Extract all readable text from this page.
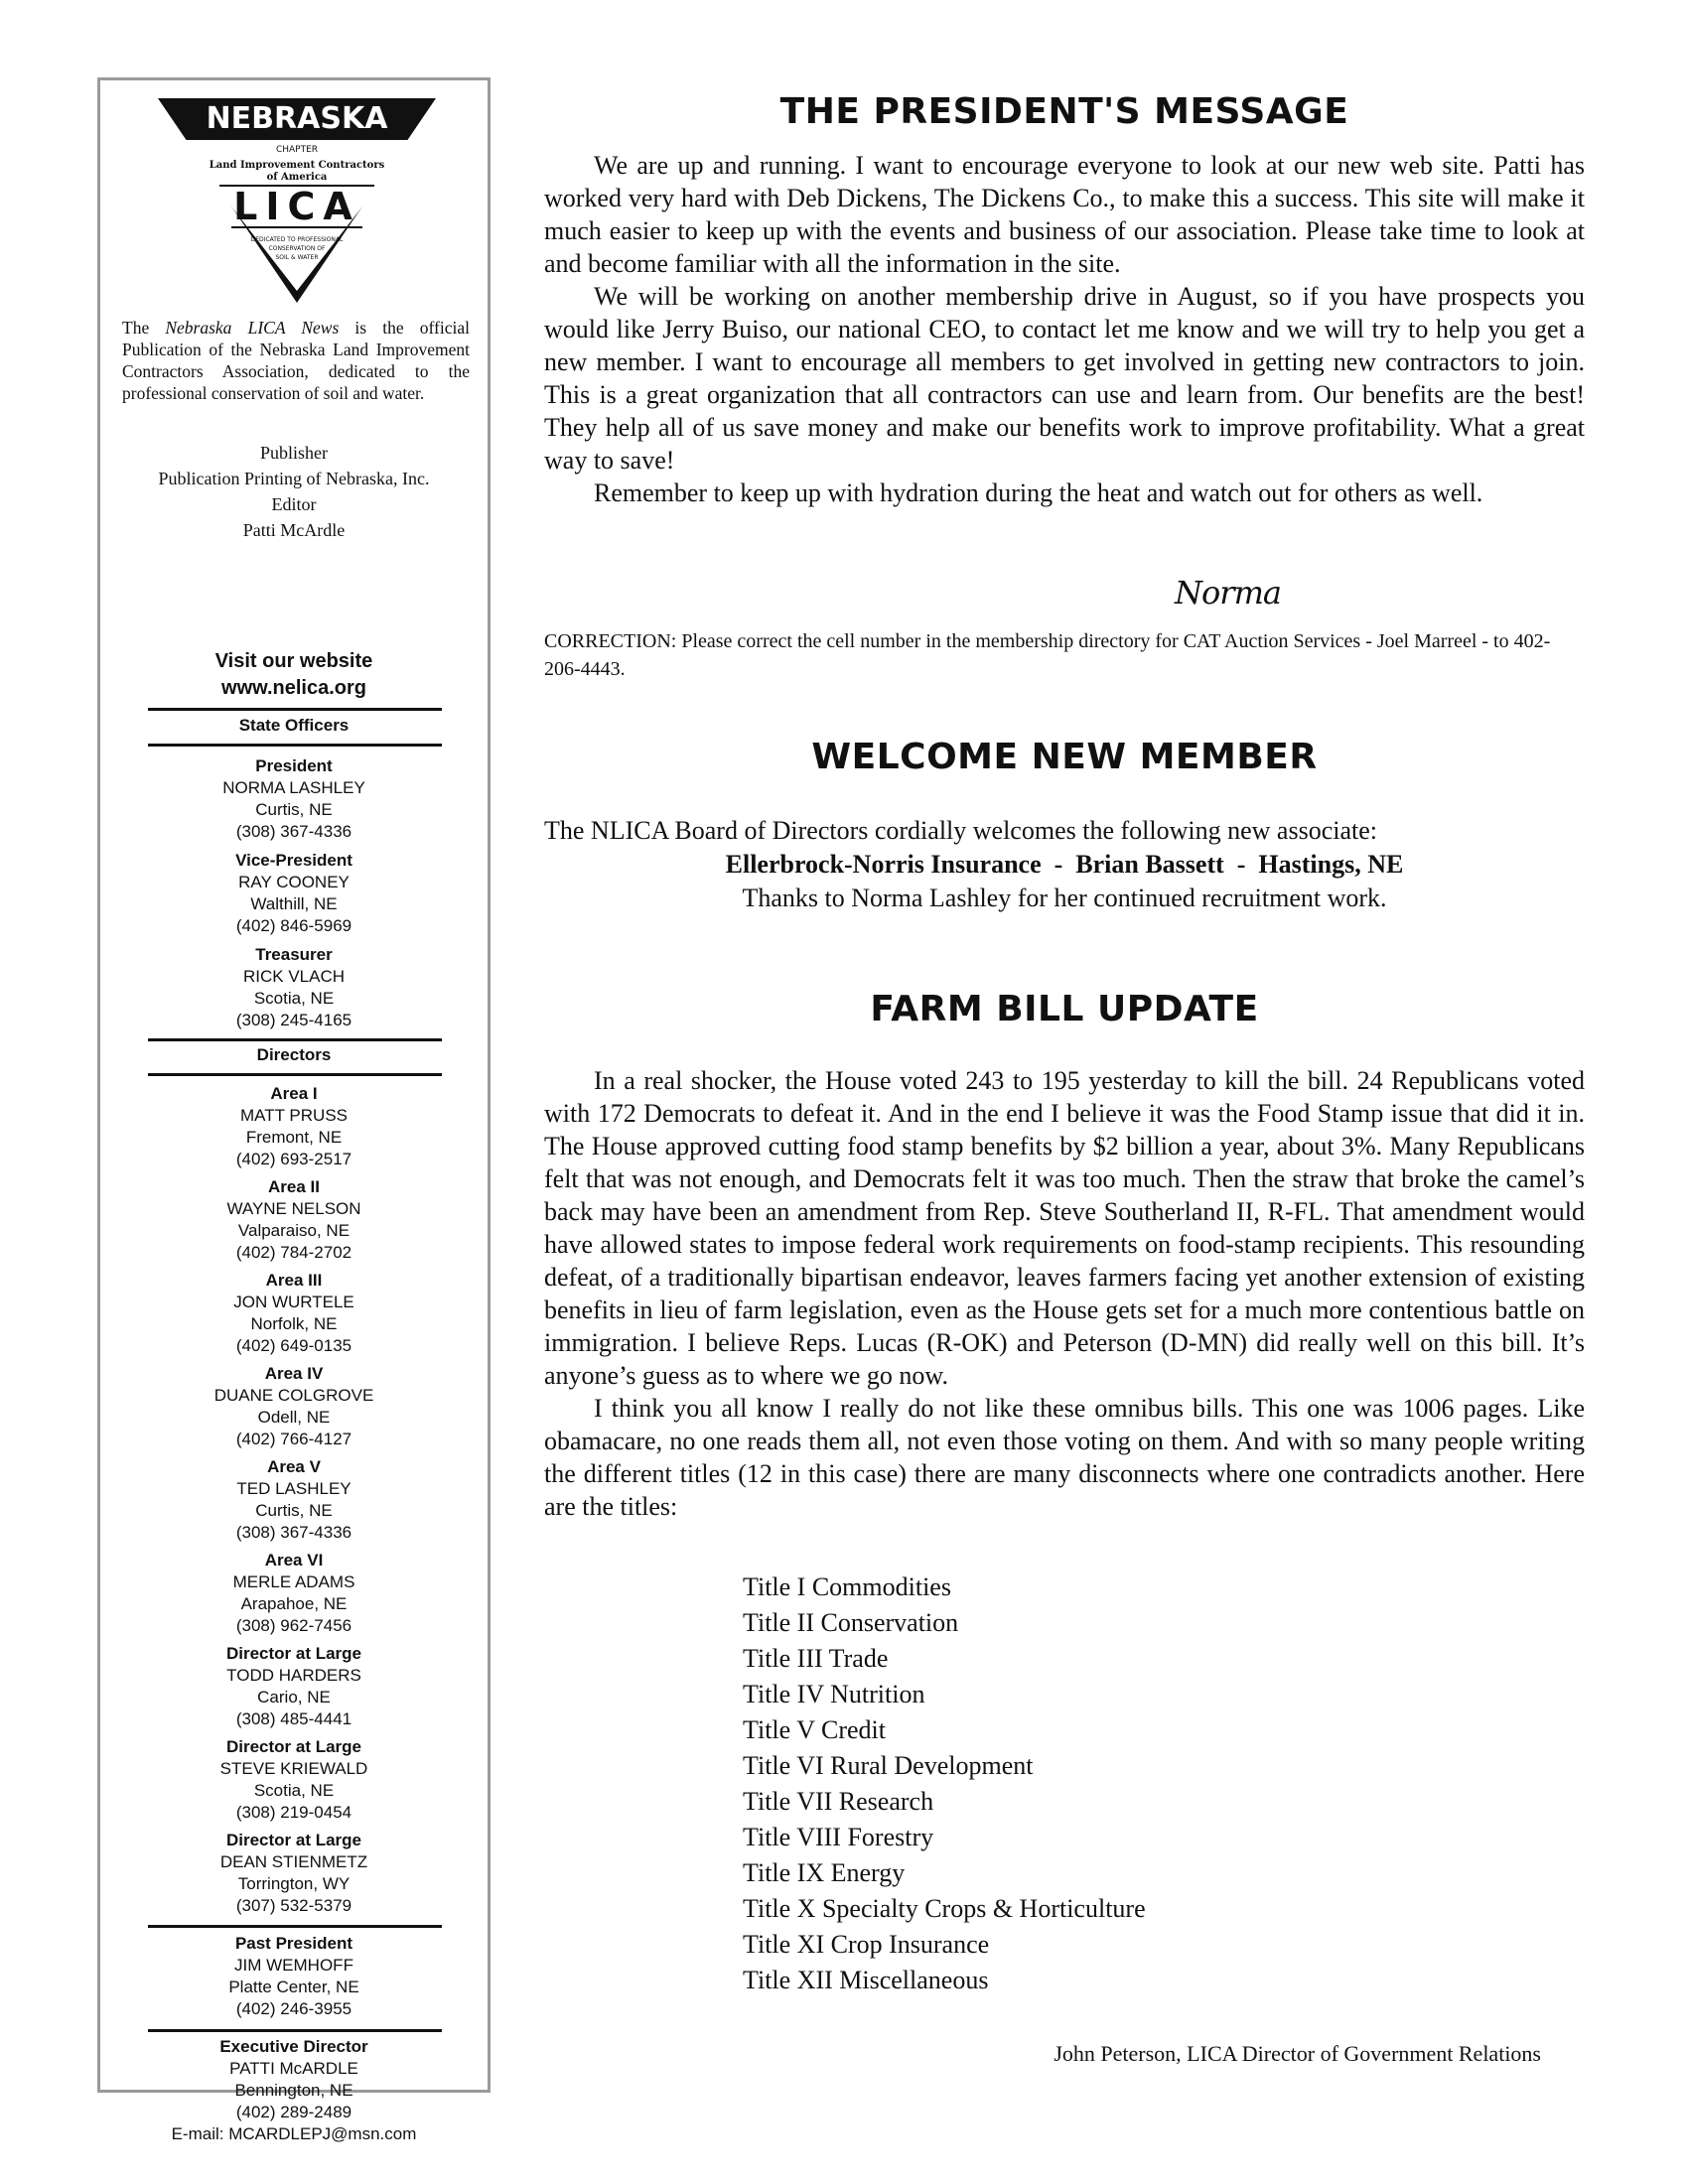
NEBRASKA
CHAPTER
Land Improvement Contractors
of America
LICA
DEDICATED TO PROFESSIONAL
CONSERVATION OF
SOIL & WATER
The Nebraska LICA News is the official Publication of the Nebraska Land Improvement Contractors Association, dedicated to the professional conservation of soil and water.
Publisher
Publication Printing of Nebraska, Inc.
Editor
Patti McArdle
Visit our website
www.nelica.org
State Officers
President
NORMA LASHLEY
Curtis, NE
(308) 367-4336
Vice-President
RAY COONEY
Walthill, NE
(402) 846-5969
Treasurer
RICK VLACH
Scotia, NE
(308) 245-4165
Directors
Area I
MATT PRUSS
Fremont, NE
(402) 693-2517
Area II
WAYNE NELSON
Valparaiso, NE
(402) 784-2702
Area III
JON WURTELE
Norfolk, NE
(402) 649-0135
Area IV
DUANE COLGROVE
Odell, NE
(402) 766-4127
Area V
TED LASHLEY
Curtis, NE
(308) 367-4336
Area VI
MERLE ADAMS
Arapahoe, NE
(308) 962-7456
Director at Large
TODD HARDERS
Cario, NE
(308) 485-4441
Director at Large
STEVE KRIEWALD
Scotia, NE
(308) 219-0454
Director at Large
DEAN STIENMETZ
Torrington, WY
(307) 532-5379
Past President
JIM WEMHOFF
Platte Center, NE
(402) 246-3955
Executive Director
PATTI McARDLE
Bennington, NE
(402) 289-2489
E-mail: MCARDLEPJ@msn.com
THE PRESIDENT'S MESSAGE

We are up and running. I want to encourage everyone to look at our new web site. Patti has worked very hard with Deb Dickens, The Dickens Co., to make this a success. This site will make it much easier to keep up with the events and business of our association. Please take time to look at and become familiar with all the information in the site.

We will be working on another membership drive in August, so if you have prospects you would like Jerry Buiso, our national CEO, to contact let me know and we will try to help you get a new member. I want to encourage all members to get involved in getting new contractors to join. This is a great organization that all contractors can use and learn from. Our benefits are the best! They help all of us save money and make our benefits work to improve profitability. What a great way to save!

Remember to keep up with hydration during the heat and watch out for others as well.

Norma

CORRECTION: Please correct the cell number in the membership directory for CAT Auction Services - Joel Marreel - to 402-206-4443.

WELCOME NEW MEMBER
The NLICA Board of Directors cordially welcomes the following new associate:
Ellerbrock-Norris Insurance  -  Brian Bassett  -  Hastings, NE
Thanks to Norma Lashley for her continued recruitment work.
FARM BILL UPDATE

In a real shocker, the House voted 243 to 195 yesterday to kill the bill. 24 Republicans voted with 172 Democrats to defeat it. And in the end I believe it was the Food Stamp issue that did it in. The House approved cutting food stamp benefits by $2 billion a year, about 3%. Many Republicans felt that was not enough, and Democrats felt it was too much. Then the straw that broke the camel’s back may have been an amendment from Rep. Steve Southerland II, R-FL. That amendment would have allowed states to impose federal work requirements on food-stamp recipients. This resounding defeat, of a traditionally bipartisan endeavor, leaves farmers facing yet another extension of existing benefits in lieu of farm legislation, even as the House gets set for a much more contentious battle on immigration. I believe Reps. Lucas (R-OK) and Peterson (D-MN) did really well on this bill. It’s anyone’s guess as to where we go now.

I think you all know I really do not like these omnibus bills. This one was 1006 pages. Like obamacare, no one reads them all, not even those voting on them. And with so many people writing the different titles (12 in this case) there are many disconnects where one contradicts another. Here are the titles:

Title I Commodities
Title II Conservation
Title III Trade
Title IV Nutrition
Title V Credit
Title VI Rural Development
Title VII Research
Title VIII Forestry
Title IX Energy
Title X Specialty Crops & Horticulture
Title XI Crop Insurance
Title XII Miscellaneous
John Peterson, LICA Director of Government Relations
